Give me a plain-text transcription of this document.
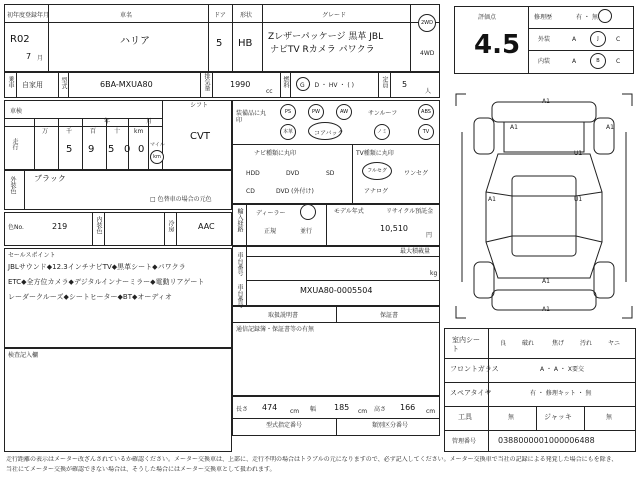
初年度登録年月
R02
7 月
車名
ハリア
ドア
5
形状
HB
グレード
Zレザーパッケージ 黒革 JBL
ナビTV Rカメラ パワクラ
2WD
4WD
乗車 自家用	型式	6BA-MXUA80	排気量	1990
cc
燃料 G ・ D ・ HV ・ ( )	定員 5
人
車検
年	月
シフト
CVT
走行
万	千	百	十 km
5 9 5 0 0 マイル
km
外装色 ブラック
□ 色替車の場合の元色
色No.	219	内装色	冷房	AAC
セールスポイント
JBLサウンド◆12.3インチナビTV◆黒革シート◆パワクラ
ETC◆全方位カメラ◆デジタルインナーミラー◆電動リアゲート
レーダークルーズ◆シートヒーター◆BT◆オーディオ
検査記入欄
装備品に丸印
PS	PW	AW	サンルーフ	ABS
本革	コアバック	ノミ	TV
ナビ種類に丸印
HDD	DVD	SD
CD	DVD (外付け)
TV種類に丸印
フルセグ	ワンセグ
アナログ
輸入経路 ディーラー
正規	並行
モデル年式	リサイクル預託金
10,510
円
車台番号
車台番号
最大積載量
kg
MXUA80-0005504
取扱説明書	保証書
通信記録簿・保証書等の有無
長さ 474 cm 幅 185 cm 高さ 166 cm
型式指定番号	類別区分番号
評価点
4.5
修理歴	有 ・ 無
外装	A	J	C
内装	A	B	C
A1
A1	A1
U1
A1	U1
A1
A1
室内シート
良	破れ	焦げ	汚れ	ヤニ
フロントガラス	A ・ A ・ X要交
スペアタイヤ	有 ・ 修理キット ・ 無
工具	無	ジャッキ	無
管理番号	0388000001000006488
走行距離の表示はメーター改ざんされているか確認ください。メーター交換車は、上部に、走行不明の場合はトラブルの元になりますので、必ず記入してください。メーター交換車で当社の記録による発覚した場合にもを除き、
当社にてメーター交換が確認できない場合は、そうした場合にはメーター交換車として扱われます。
